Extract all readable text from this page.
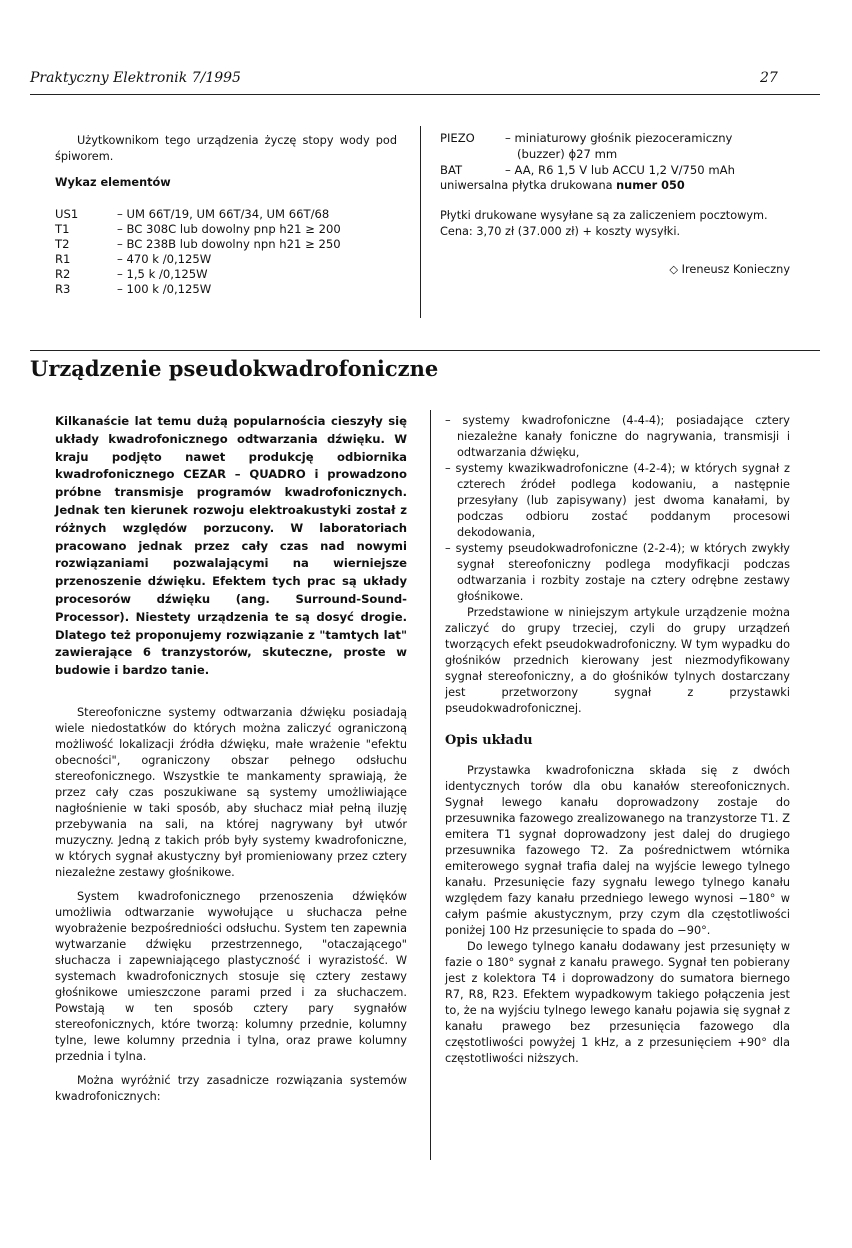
Praktyczny Elektronik 7/1995	27

Użytkownikom tego urządzenia życzę stopy wody pod śpiworem.

Wykaz elementów

US1	– UM 66T/19, UM 66T/34, UM 66T/68
T1	– BC 308C lub dowolny pnp h21 ≥ 200
T2	– BC 238B lub dowolny npn h21 ≥ 250
R1	– 470 k /0,125W
R2	– 1,5 k /0,125W
R3	– 100 k /0,125W
PIEZO	– miniaturowy głośnik piezoceramiczny
(buzzer) ϕ27 mm
BAT	– AA, R6 1,5 V lub ACCU 1,2 V/750 mAh

uniwersalna płytka drukowana numer 050

Płytki drukowane wysyłane są za zaliczeniem pocztowym.

Cena: 3,70 zł (37.000 zł) + koszty wysyłki.

◇ Ireneusz Konieczny

Urządzenie pseudokwadrofoniczne
Kilkanaście lat temu dużą popularnościa cieszyły się układy kwadrofonicznego odtwarzania dźwięku. W kraju podjęto nawet produkcję odbiornika kwadrofonicznego CEZAR – QUADRO i prowadzono próbne transmisje programów kwadrofonicznych. Jednak ten kierunek rozwoju elektroakustyki został z różnych względów porzucony. W laboratoriach pracowano jednak przez cały czas nad nowymi rozwiązaniami pozwalającymi na wierniejsze przenoszenie dźwięku. Efektem tych prac są układy procesorów dźwięku (ang. Surround-Sound-Processor). Niestety urządzenia te są dosyć drogie. Dlatego też proponujemy rozwiązanie z "tamtych lat" zawierające 6 tranzystorów, skuteczne, proste w budowie i bardzo tanie.

Stereofoniczne systemy odtwarzania dźwięku posiadają wiele niedostatków do których można zaliczyć ograniczoną możliwość lokalizacji źródła dźwięku, małe wrażenie "efektu obecności", ograniczony obszar pełnego odsłuchu stereofonicznego. Wszystkie te mankamenty sprawiają, że przez cały czas poszukiwane są systemy umożliwiające nagłośnienie w taki sposób, aby słuchacz miał pełną iluzję przebywania na sali, na której nagrywany był utwór muzyczny. Jedną z takich prób były systemy kwadrofoniczne, w których sygnał akustyczny był promieniowany przez cztery niezależne zestawy głośnikowe.

System kwadrofonicznego przenoszenia dźwięków umożliwia odtwarzanie wywołujące u słuchacza pełne wyobrażenie bezpośredniości odsłuchu. System ten zapewnia wytwarzanie dźwięku przestrzennego, "otaczającego" słuchacza i zapewniającego plastyczność i wyrazistość. W systemach kwadrofonicznych stosuje się cztery zestawy głośnikowe umieszczone parami przed i za słuchaczem. Powstają w ten sposób cztery pary sygnałów stereofonicznych, które tworzą: kolumny przednie, kolumny tylne, lewe kolumny przednia i tylna, oraz prawe kolumny przednia i tylna.

Można wyróżnić trzy zasadnicze rozwiązania systemów kwadrofonicznych:

– systemy kwadrofoniczne (4-4-4); posiadające cztery niezależne kanały foniczne do nagrywania, transmisji i odtwarzania dźwięku,

– systemy kwazikwadrofoniczne (4-2-4); w których sygnał z czterech źródeł podlega kodowaniu, a następnie przesyłany (lub zapisywany) jest dwoma kanałami, by podczas odbioru zostać poddanym procesowi dekodowania,

– systemy pseudokwadrofoniczne (2-2-4); w których zwykły sygnał stereofoniczny podlega modyfikacji podczas odtwarzania i rozbity zostaje na cztery odrębne zestawy głośnikowe.

Przedstawione w niniejszym artykule urządzenie można zaliczyć do grupy trzeciej, czyli do grupy urządzeń tworzących efekt pseudokwadrofoniczny. W tym wypadku do głośników przednich kierowany jest niezmodyfikowany sygnał stereofoniczny, a do głośników tylnych dostarczany jest przetworzony sygnał z przystawki pseudokwadrofonicznej.

Opis układu

Przystawka kwadrofoniczna składa się z dwóch identycznych torów dla obu kanałów stereofonicznych. Sygnał lewego kanału doprowadzony zostaje do przesuwnika fazowego zrealizowanego na tranzystorze T1. Z emitera T1 sygnał doprowadzony jest dalej do drugiego przesuwnika fazowego T2. Za pośrednictwem wtórnika emiterowego sygnał trafia dalej na wyjście lewego tylnego kanału. Przesunięcie fazy sygnału lewego tylnego kanału względem fazy kanału przedniego lewego wynosi −180° w całym paśmie akustycznym, przy czym dla częstotliwości poniżej 100 Hz przesunięcie to spada do −90°.

Do lewego tylnego kanału dodawany jest przesunięty w fazie o 180° sygnał z kanału prawego. Sygnał ten pobierany jest z kolektora T4 i doprowadzony do sumatora biernego R7, R8, R23. Efektem wypadkowym takiego połączenia jest to, że na wyjściu tylnego lewego kanału pojawia się sygnał z kanału prawego bez przesunięcia fazowego dla częstotliwości powyżej 1 kHz, a z przesunięciem +90° dla częstotliwości niższych.
